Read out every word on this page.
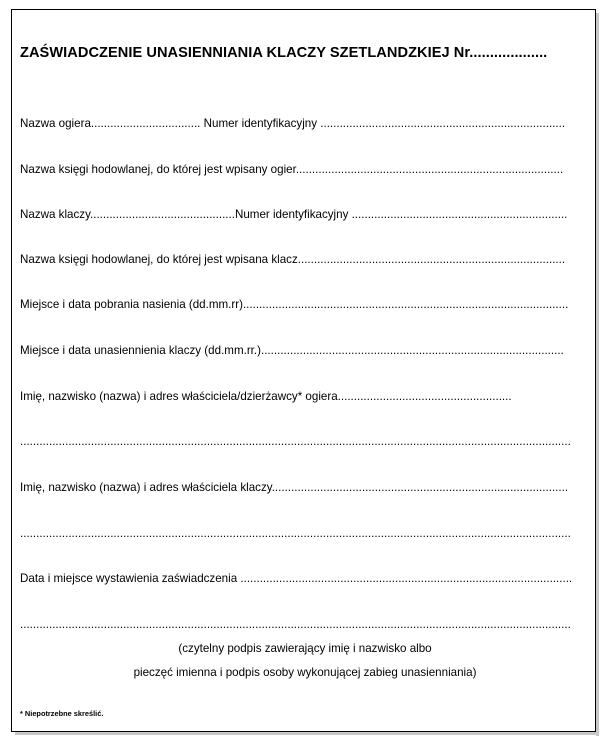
ZAŚWIADCZENIE UNASIENNIANIA KLACZY SZETLANDZKIEJ Nr...................
Nazwa ogiera.................................. Numer identyfikacyjny ............................................................................
Nazwa księgi hodowlanej, do której jest wpisany ogier...................................................................................
Nazwa klaczy.............................................Numer identyfikacyjny ...................................................................
Nazwa księgi hodowlanej, do której jest wpisana klacz...................................................................................
Miejsce i data pobrania nasienia (dd.mm.rr).....................................................................................................
Miejsce i data unasiennienia klaczy (dd.mm.rr.)..............................................................................................
Imię, nazwisko (nazwa) i adres właściciela/dzierżawcy* ogiera......................................................
...........................................................................................................................................................................
Imię, nazwisko (nazwa) i adres właściciela klaczy............................................................................................
...........................................................................................................................................................................
Data i miejsce wystawienia zaświadczenia .......................................................................................................
...........................................................................................................................................................................
(czytelny podpis zawierający imię i nazwisko albo
pieczęć imienna i podpis osoby wykonującej zabieg unasienniania)
* Niepotrzebne skreślić.
